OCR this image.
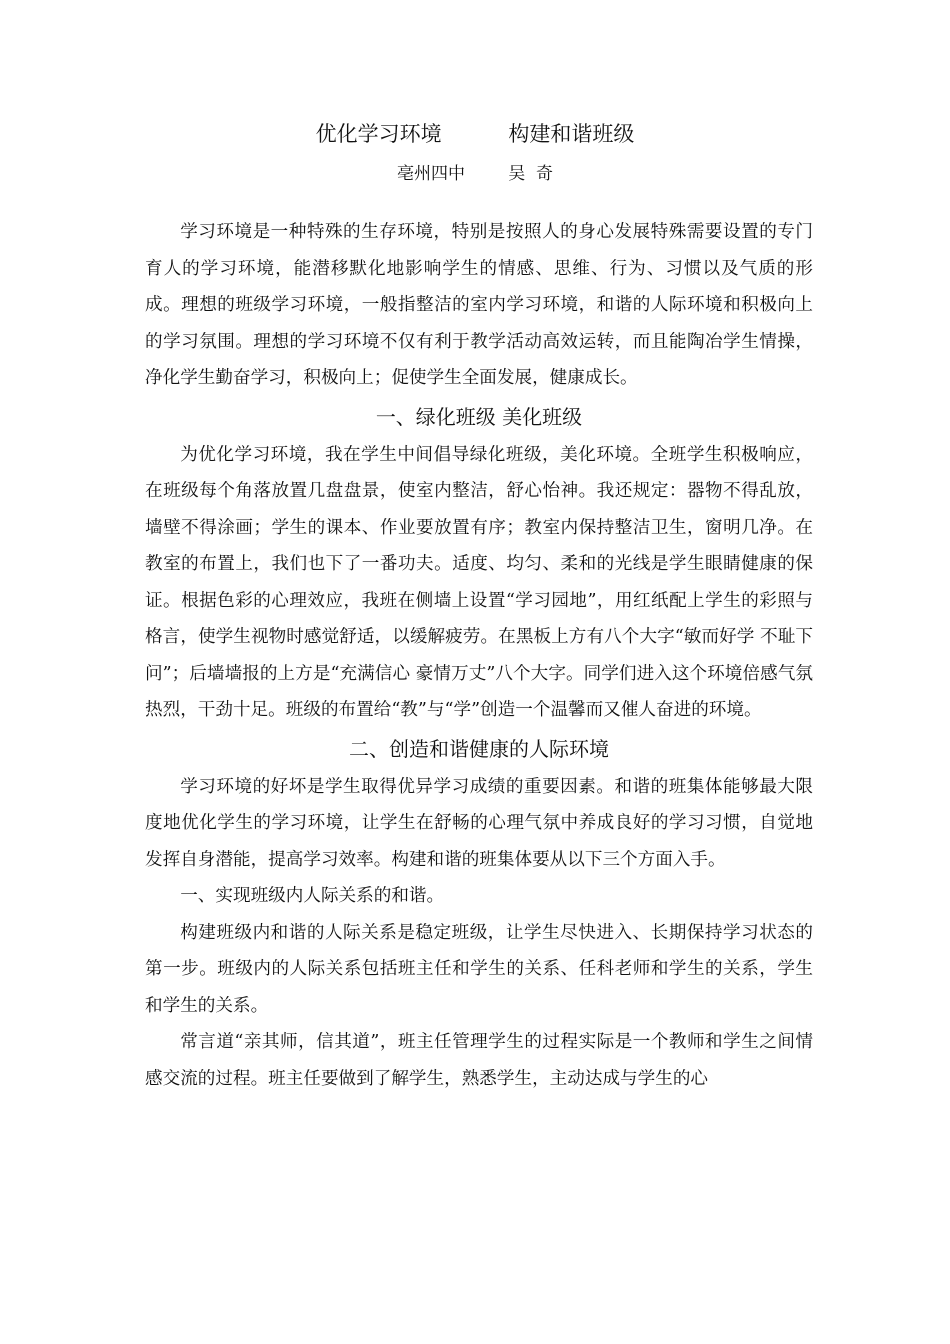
优化学习环境          构建和谐班级
亳州四中        吴  奇

学习环境是一种特殊的生存环境，特别是按照人的身心发展特殊需要设置的专门育人的学习环境，能潜移默化地影响学生的情感、思维、行为、习惯以及气质的形成。理想的班级学习环境，一般指整洁的室内学习环境，和谐的人际环境和积极向上的学习氛围。理想的学习环境不仅有利于教学活动高效运转，而且能陶冶学生情操，净化学生勤奋学习，积极向上；促使学生全面发展，健康成长。

一、绿化班级 美化班级

为优化学习环境，我在学生中间倡导绿化班级，美化环境。全班学生积极响应，在班级每个角落放置几盘盘景，使室内整洁，舒心怡神。我还规定：器物不得乱放，墙壁不得涂画；学生的课本、作业要放置有序；教室内保持整洁卫生，窗明几净。在教室的布置上，我们也下了一番功夫。适度、均匀、柔和的光线是学生眼睛健康的保证。根据色彩的心理效应，我班在侧墙上设置“学习园地”，用红纸配上学生的彩照与格言，使学生视物时感觉舒适，以缓解疲劳。在黑板上方有八个大字“敏而好学 不耻下问”；后墙墙报的上方是“充满信心 豪情万丈”八个大字。同学们进入这个环境倍感气氛热烈，干劲十足。班级的布置给“教”与“学”创造一个温馨而又催人奋进的环境。

二、创造和谐健康的人际环境

学习环境的好坏是学生取得优异学习成绩的重要因素。和谐的班集体能够最大限度地优化学生的学习环境，让学生在舒畅的心理气氛中养成良好的学习习惯，自觉地发挥自身潜能，提高学习效率。构建和谐的班集体要从以下三个方面入手。

一、实现班级内人际关系的和谐。

构建班级内和谐的人际关系是稳定班级，让学生尽快进入、长期保持学习状态的第一步。班级内的人际关系包括班主任和学生的关系、任科老师和学生的关系，学生和学生的关系。

常言道“亲其师，信其道”，班主任管理学生的过程实际是一个教师和学生之间情感交流的过程。班主任要做到了解学生，熟悉学生，主动达成与学生的心
